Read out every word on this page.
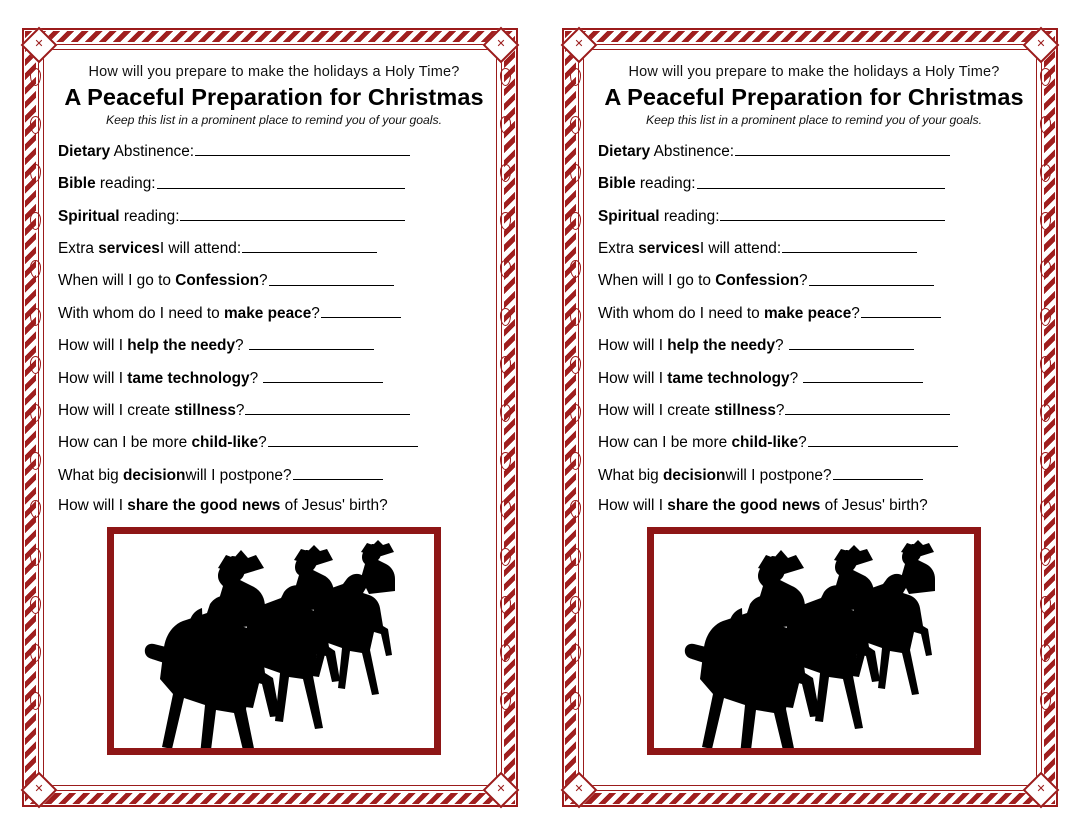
✕	✕
✕	✕
How will you prepare to make the holidays a Holy Time?
A Peaceful Preparation for Christmas
Keep this list in a prominent place to remind you of your goals.
Dietary Abstinence:
Bible reading:
Spiritual reading:
Extra servicesI will attend:
When will I go to Confession?
With whom do I need to make peace?
How will I help the needy?
How will I tame technology?
How will I create stillness?
How can I be more child-like?
What big decisionwill I postpone?
How will I share the good news of Jesus' birth?
✕	✕
✕	✕
How will you prepare to make the holidays a Holy Time?
A Peaceful Preparation for Christmas
Keep this list in a prominent place to remind you of your goals.
Dietary Abstinence:
Bible reading:
Spiritual reading:
Extra servicesI will attend:
When will I go to Confession?
With whom do I need to make peace?
How will I help the needy?
How will I tame technology?
How will I create stillness?
How can I be more child-like?
What big decisionwill I postpone?
How will I share the good news of Jesus' birth?
